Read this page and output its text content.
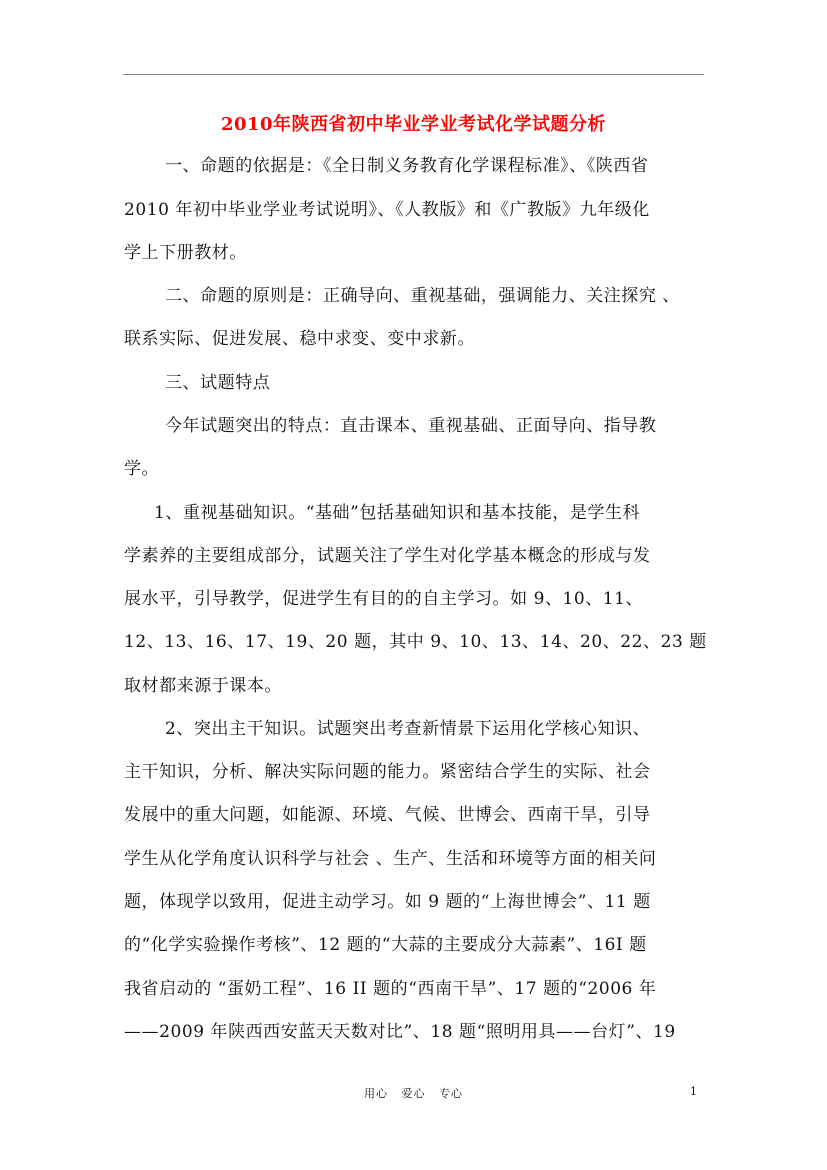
2010年陕西省初中毕业学业考试化学试题分析
一、命题的依据是：《全日制义务教育化学课程标准》、《陕西省
2010 年初中毕业学业考试说明》、《人教版》和《广教版》九年级化
学上下册教材。
二、命题的原则是：正确导向、重视基础，强调能力、关注探究 、
联系实际、促进发展、稳中求变、变中求新。
三、试题特点
今年试题突出的特点：直击课本、重视基础、正面导向、指导教
学。
1、重视基础知识。“基础”包括基础知识和基本技能，是学生科
学素养的主要组成部分，试题关注了学生对化学基本概念的形成与发
展水平，引导教学，促进学生有目的的自主学习。如 9、10、11、
12、13、16、17、19、20 题，其中 9、10、13、14、20、22、23 题
取材都来源于课本。
2、突出主干知识。试题突出考查新情景下运用化学核心知识、
主干知识，分析、解决实际问题的能力。紧密结合学生的实际、社会
发展中的重大问题，如能源、环境、气候、世博会、西南干旱，引导
学生从化学角度认识科学与社会 、生产、生活和环境等方面的相关问
题，体现学以致用，促进主动学习。如 9 题的“上海世博会”、11 题
的“化学实验操作考核”、12 题的“大蒜的主要成分大蒜素”、16I 题
我省启动的 “蛋奶工程”、16 II 题的“西南干旱”、17 题的“2006 年
——2009 年陕西西安蓝天天数对比”、18 题“照明用具——台灯”、19
用心   爱心   专心	1
